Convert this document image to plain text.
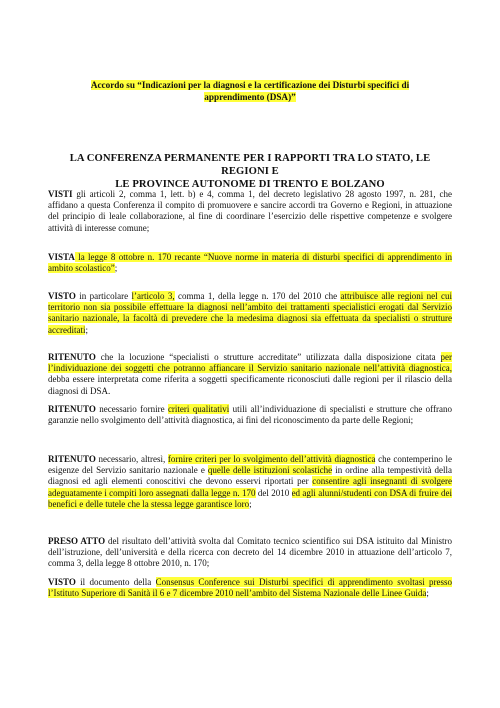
Accordo su “Indicazioni per la diagnosi e la certificazione dei Disturbi specifici di apprendimento (DSA)”
LA CONFERENZA PERMANENTE PER I RAPPORTI TRA LO STATO, LE REGIONI E
LE PROVINCE AUTONOME DI TRENTO E BOLZANO
VISTI gli articoli 2, comma 1, lett. b) e 4, comma 1, del decreto legislativo 28 agosto 1997, n. 281, che affidano a questa Conferenza il compito di promuovere e sancire accordi tra Governo e Regioni, in attuazione del principio di leale collaborazione, al fine di coordinare l’esercizio delle rispettive competenze e svolgere attività di interesse comune;
VISTA la legge 8 ottobre n. 170 recante “Nuove norme in materia di disturbi specifici di apprendimento in ambito scolastico”;
VISTO in particolare l’articolo 3, comma 1, della legge n. 170 del 2010 che attribuisce alle regioni nel cui territorio non sia possibile effettuare la diagnosi nell’ambito dei trattamenti specialistici erogati dal Servizio sanitario nazionale, la facoltà di prevedere che la medesima diagnosi sia effettuata da specialisti o strutture accreditati;
RITENUTO che la locuzione “specialisti o strutture accreditate” utilizzata dalla disposizione citata per l’individuazione dei soggetti che potranno affiancare il Servizio sanitario nazionale nell’attività diagnostica, debba essere interpretata come riferita a soggetti specificamente riconosciuti dalle regioni per il rilascio della diagnosi di DSA.
RITENUTO necessario fornire criteri qualitativi utili all’individuazione di specialisti e strutture che offrano garanzie nello svolgimento dell’attività diagnostica, ai fini del riconoscimento da parte delle Regioni;
RITENUTO necessario, altresì, fornire criteri per lo svolgimento dell’attività diagnostica che contemperino le esigenze del Servizio sanitario nazionale e quelle delle istituzioni scolastiche in ordine alla tempestività della diagnosi ed agli elementi conoscitivi che devono esservi riportati per consentire agli insegnanti di svolgere adeguatamente i compiti loro assegnati dalla legge n. 170 del 2010 ed agli alunni/studenti con DSA di fruire dei benefici e delle tutele che la stessa legge garantisce loro;
PRESO ATTO del risultato dell’attività svolta dal Comitato tecnico scientifico sui DSA istituito dal Ministro dell’istruzione, dell’università e della ricerca con decreto del 14 dicembre 2010 in attuazione dell’articolo 7, comma 3, della legge 8 ottobre 2010, n. 170;
VISTO il documento della Consensus Conference sui Disturbi specifici di apprendimento svoltasi presso l’Istituto Superiore di Sanità il 6 e 7 dicembre 2010 nell’ambito del Sistema Nazionale delle Linee Guida;
